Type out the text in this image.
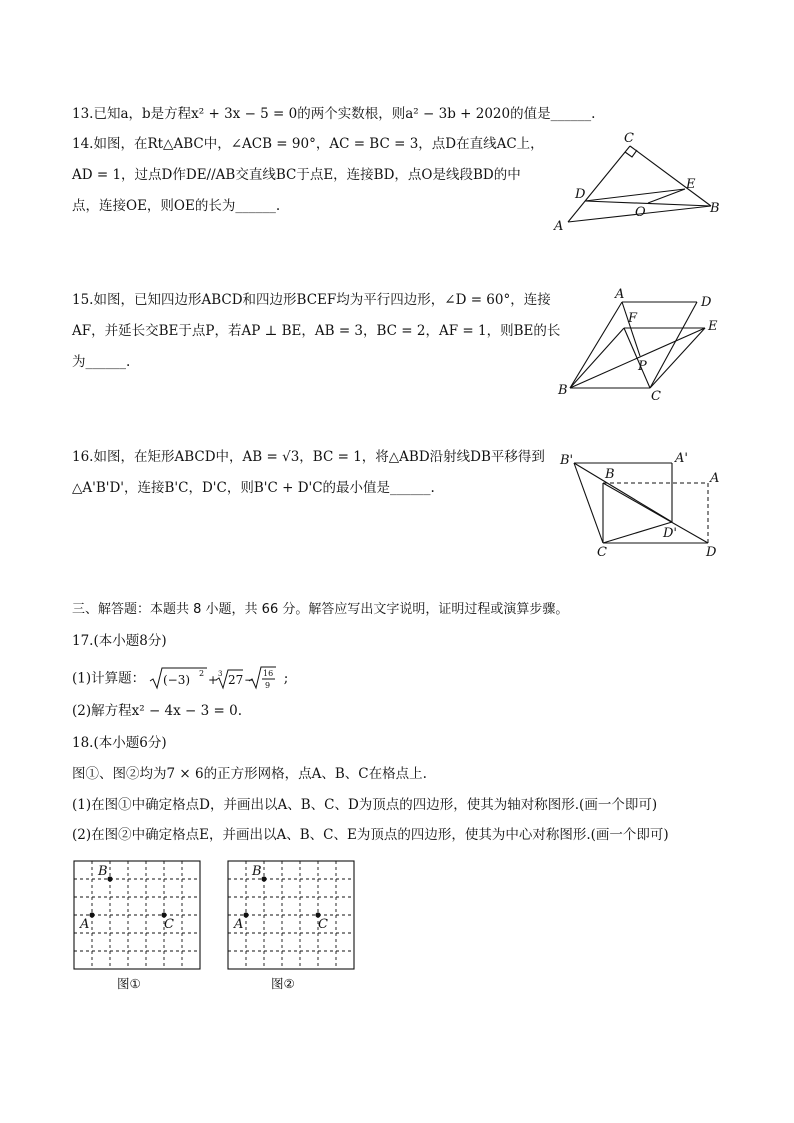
13.已知a，b是方程x² + 3x − 5 = 0的两个实数根，则a² − 3b + 2020的值是______.
14.如图，在Rt△ABC中，∠ACB = 90°，AC = BC = 3，点D在直线AC上，
AD = 1，过点D作DE//AB交直线BC于点E，连接BD，点O是线段BD的中
点，连接OE，则OE的长为______.
C
D
E
O	B
A
15.如图，已知四边形ABCD和四边形BCEF均为平行四边形，∠D = 60°，连接
AF，并延长交BE于点P，若AP ⊥ BE，AB = 3，BC = 2，AF = 1，则BE的长
为______.
A
D
F
E
P
B	C
16.如图，在矩形ABCD中，AB = √3，BC = 1，将△ABD沿射线DB平移得到
△A'B'D'，连接B'C，D'C，则B'C + D'C的最小值是______.
B'	A'
A
B
D'
C	D
三、解答题：本题共 8 小题，共 66 分。解答应写出文字说明，证明过程或演算步骤。
17.(本小题8分)
(1)计算题： (−3) 2 + 3 27 − 16
9 ;
(2)解方程x² − 4x − 3 = 0.
18.(本小题6分)
图①、图②均为7 × 6的正方形网格，点A、B、C在格点上.
(1)在图①中确定格点D，并画出以A、B、C、D为顶点的四边形，使其为轴对称图形.(画一个即可)
(2)在图②中确定格点E，并画出以A、B、C、E为顶点的四边形，使其为中心对称图形.(画一个即可)
B
A	C
图①
B
A	C
图②
